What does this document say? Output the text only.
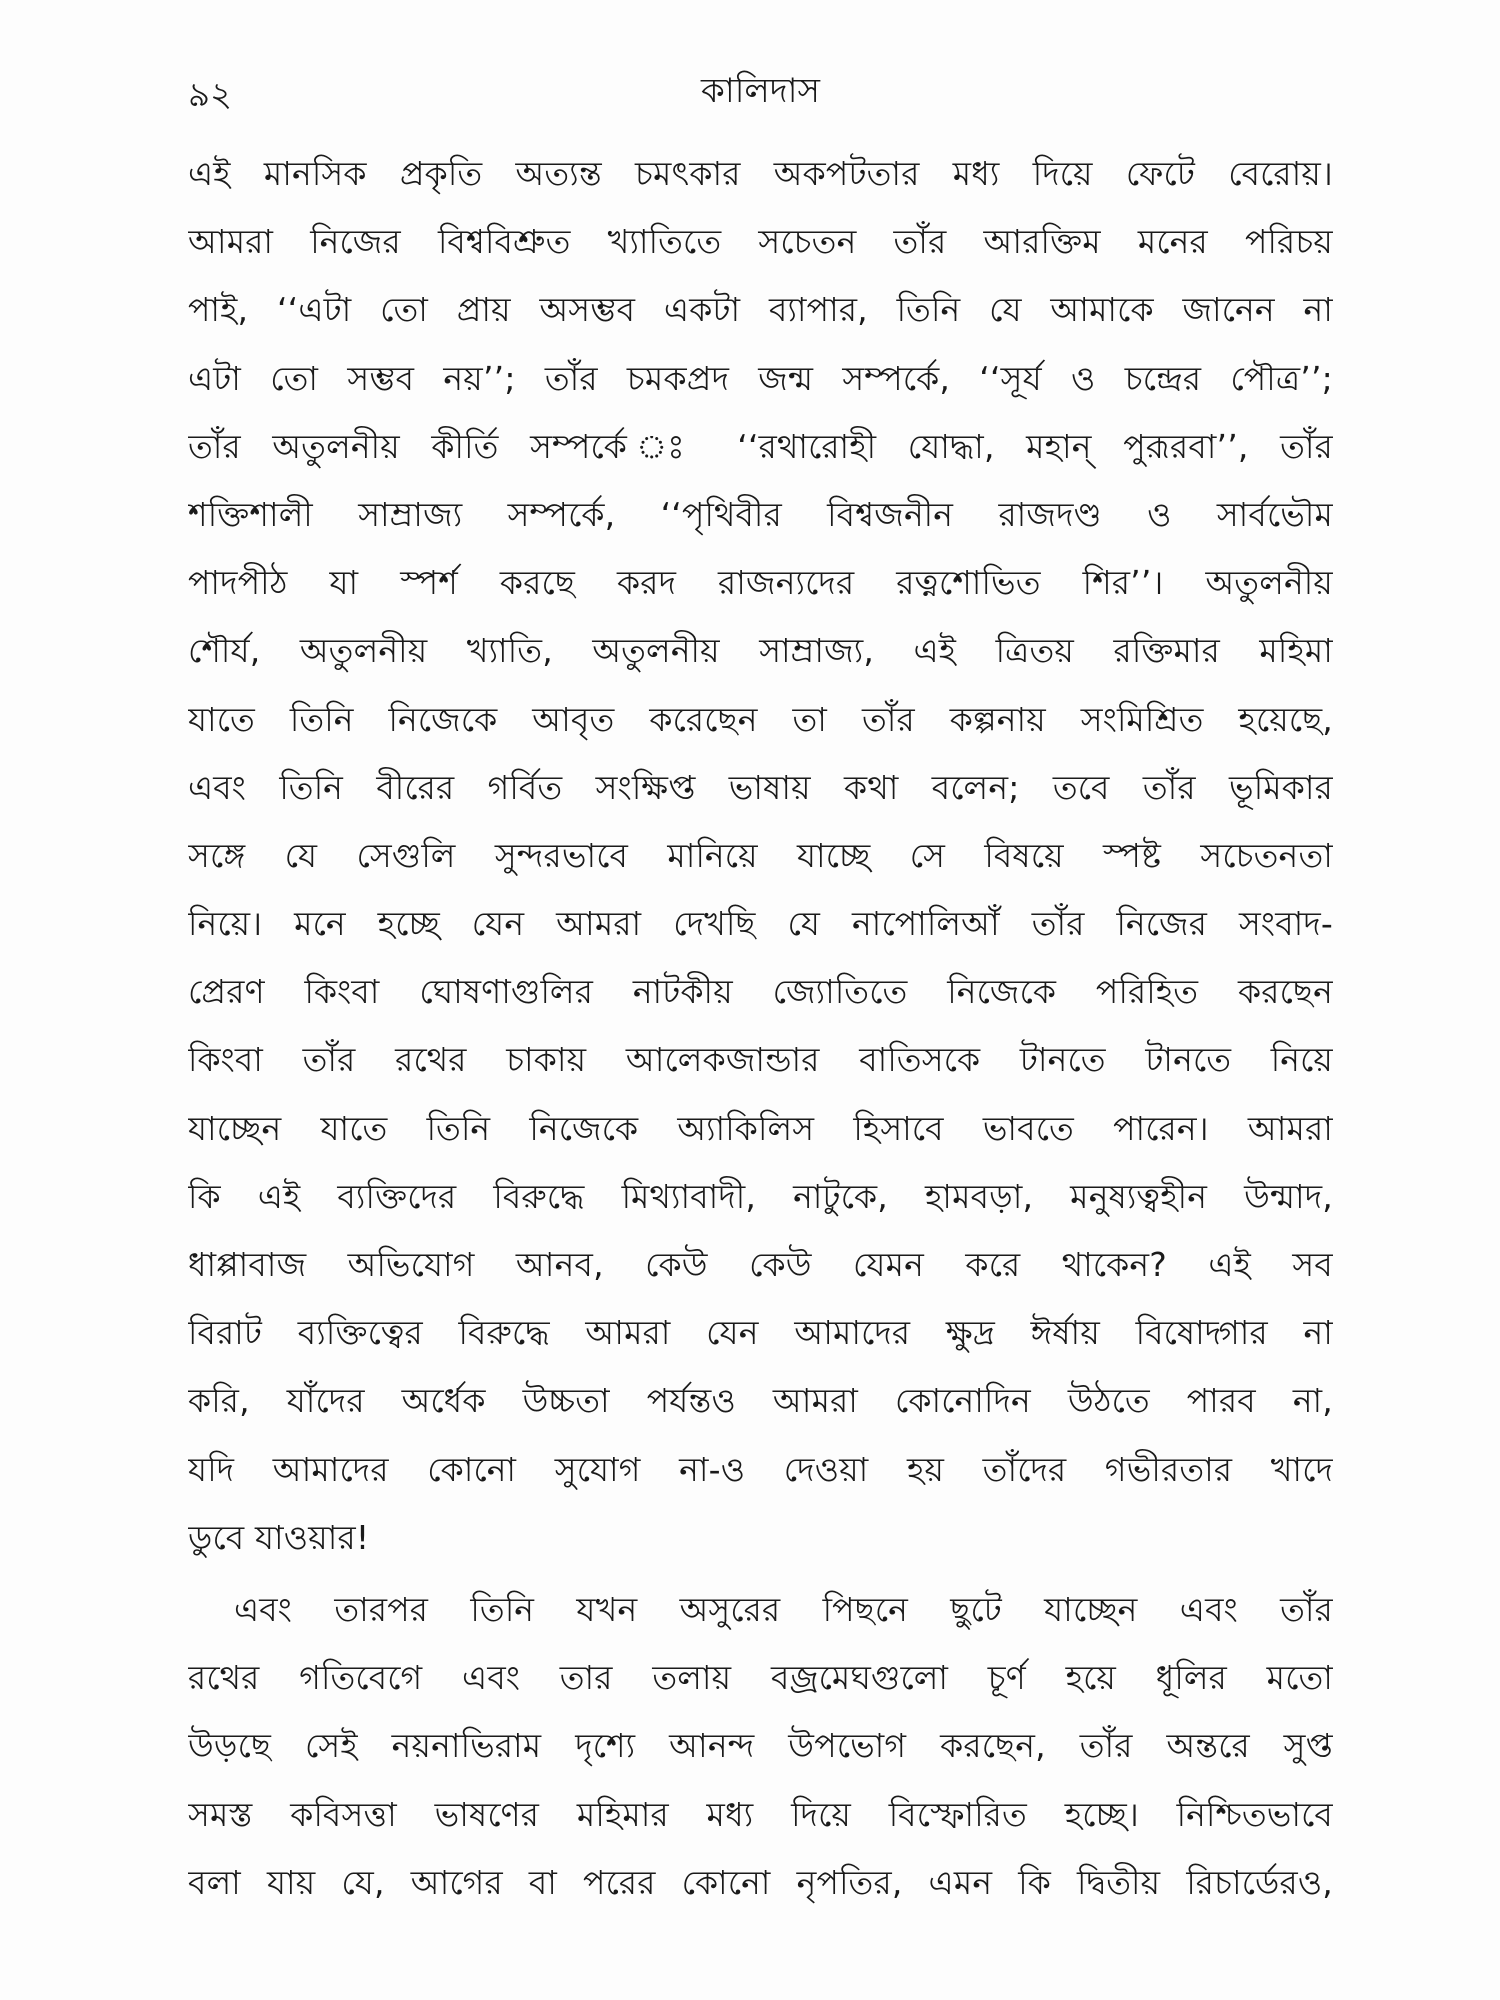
৯২	কালিদাস
এই মানসিক প্রকৃতি অত্যন্ত চমৎকার অকপটতার মধ্য দিয়ে ফেটে বেরোয়।
আমরা নিজের বিশ্ববিশ্রুত খ্যাতিতে সচেতন তাঁর আরক্তিম মনের পরিচয়
পাই, ‘‘এটা তো প্রায় অসম্ভব একটা ব্যাপার, তিনি যে আমাকে জানেন না
এটা তো সম্ভব নয়’’; তাঁর চমকপ্রদ জন্ম সম্পর্কে, ‘‘সূর্য ও চন্দ্রের পৌত্র’’;
তাঁর অতুলনীয় কীর্তি সম্পর্কে ঃ ‘‘রথারোহী যোদ্ধা, মহান্ পুরূরবা’’, তাঁর
শক্তিশালী সাম্রাজ্য সম্পর্কে, ‘‘পৃথিবীর বিশ্বজনীন রাজদণ্ড ও সার্বভৌম
পাদপীঠ যা স্পর্শ করছে করদ রাজন্যদের রত্নশোভিত শির’’। অতুলনীয়
শৌর্য, অতুলনীয় খ্যাতি, অতুলনীয় সাম্রাজ্য, এই ত্রিতয় রক্তিমার মহিমা
যাতে তিনি নিজেকে আবৃত করেছেন তা তাঁর কল্পনায় সংমিশ্রিত হয়েছে,
এবং তিনি বীরের গর্বিত সংক্ষিপ্ত ভাষায় কথা বলেন; তবে তাঁর ভূমিকার
সঙ্গে যে সেগুলি সুন্দরভাবে মানিয়ে যাচ্ছে সে বিষয়ে স্পষ্ট সচেতনতা
নিয়ে। মনে হচ্ছে যেন আমরা দেখছি যে নাপোলিআঁ তাঁর নিজের সংবাদ-
প্রেরণ কিংবা ঘোষণাগুলির নাটকীয় জ্যোতিতে নিজেকে পরিহিত করছেন
কিংবা তাঁর রথের চাকায় আলেকজান্ডার বাতিসকে টানতে টানতে নিয়ে
যাচ্ছেন যাতে তিনি নিজেকে অ্যাকিলিস হিসাবে ভাবতে পারেন। আমরা
কি এই ব্যক্তিদের বিরুদ্ধে মিথ্যাবাদী, নাটুকে, হামবড়া, মনুষ্যত্বহীন উন্মাদ,
ধাপ্পাবাজ অভিযোগ আনব, কেউ কেউ যেমন করে থাকেন? এই সব
বিরাট ব্যক্তিত্বের বিরুদ্ধে আমরা যেন আমাদের ক্ষুদ্র ঈর্ষায় বিষোদ্গার না
করি, যাঁদের অর্ধেক উচ্চতা পর্যন্তও আমরা কোনোদিন উঠতে পারব না,
যদি আমাদের কোনো সুযোগ না-ও দেওয়া হয় তাঁদের গভীরতার খাদে
ডুবে যাওয়ার!
এবং তারপর তিনি যখন অসুরের পিছনে ছুটে যাচ্ছেন এবং তাঁর
রথের গতিবেগে এবং তার তলায় বজ্রমেঘগুলো চূর্ণ হয়ে ধূলির মতো
উড়ছে সেই নয়নাভিরাম দৃশ্যে আনন্দ উপভোগ করছেন, তাঁর অন্তরে সুপ্ত
সমস্ত কবিসত্তা ভাষণের মহিমার মধ্য দিয়ে বিস্ফোরিত হচ্ছে। নিশ্চিতভাবে
বলা যায় যে, আগের বা পরের কোনো নৃপতির, এমন কি দ্বিতীয় রিচার্ডেরও,
